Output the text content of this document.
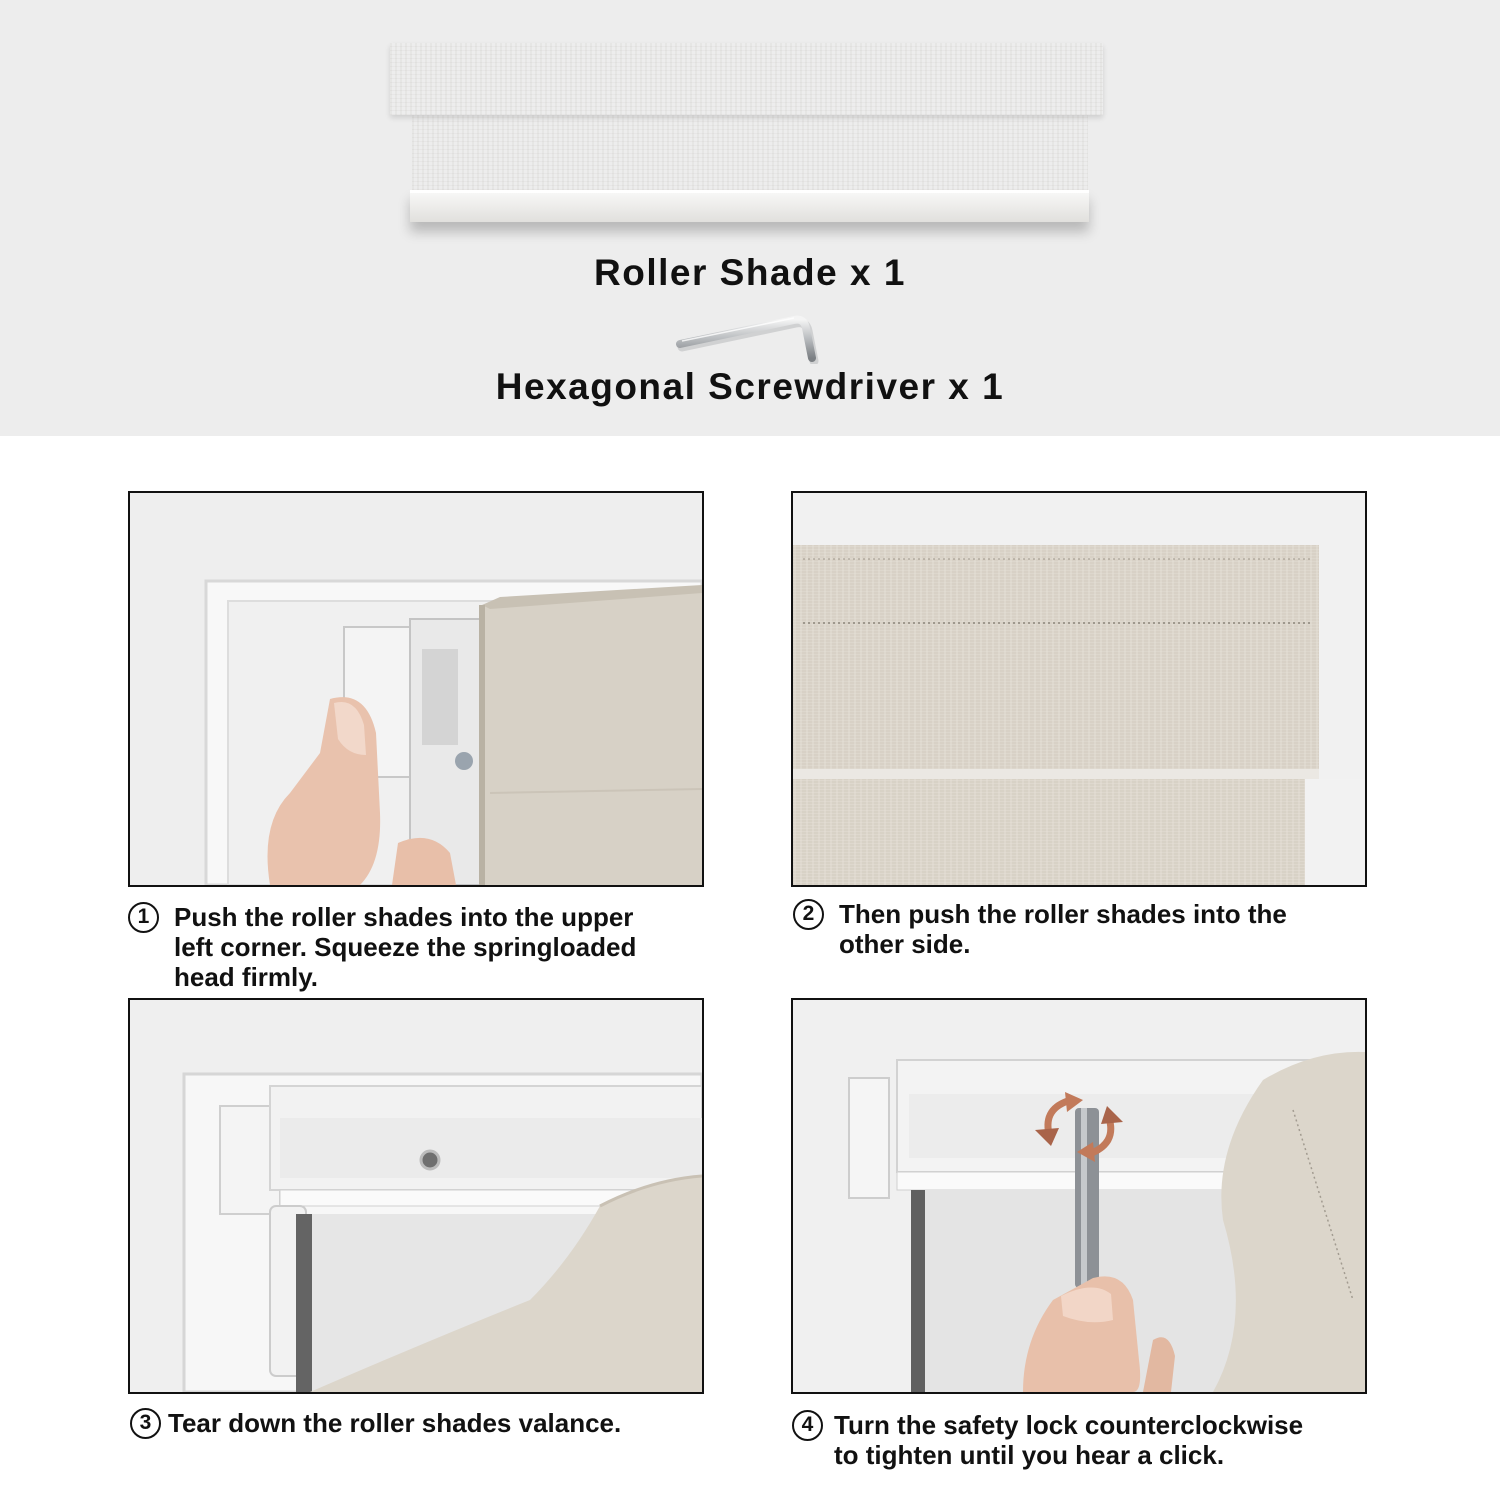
Roller Shade x 1
Hexagonal Screwdriver x 1
1 Push the roller shades into the upper
left corner. Squeeze the springloaded
head firmly.
2 Then push the roller shades into the
other side.
3 Tear down the roller shades valance.	4 Turn the safety lock counterclockwise
to tighten until you hear a click.
